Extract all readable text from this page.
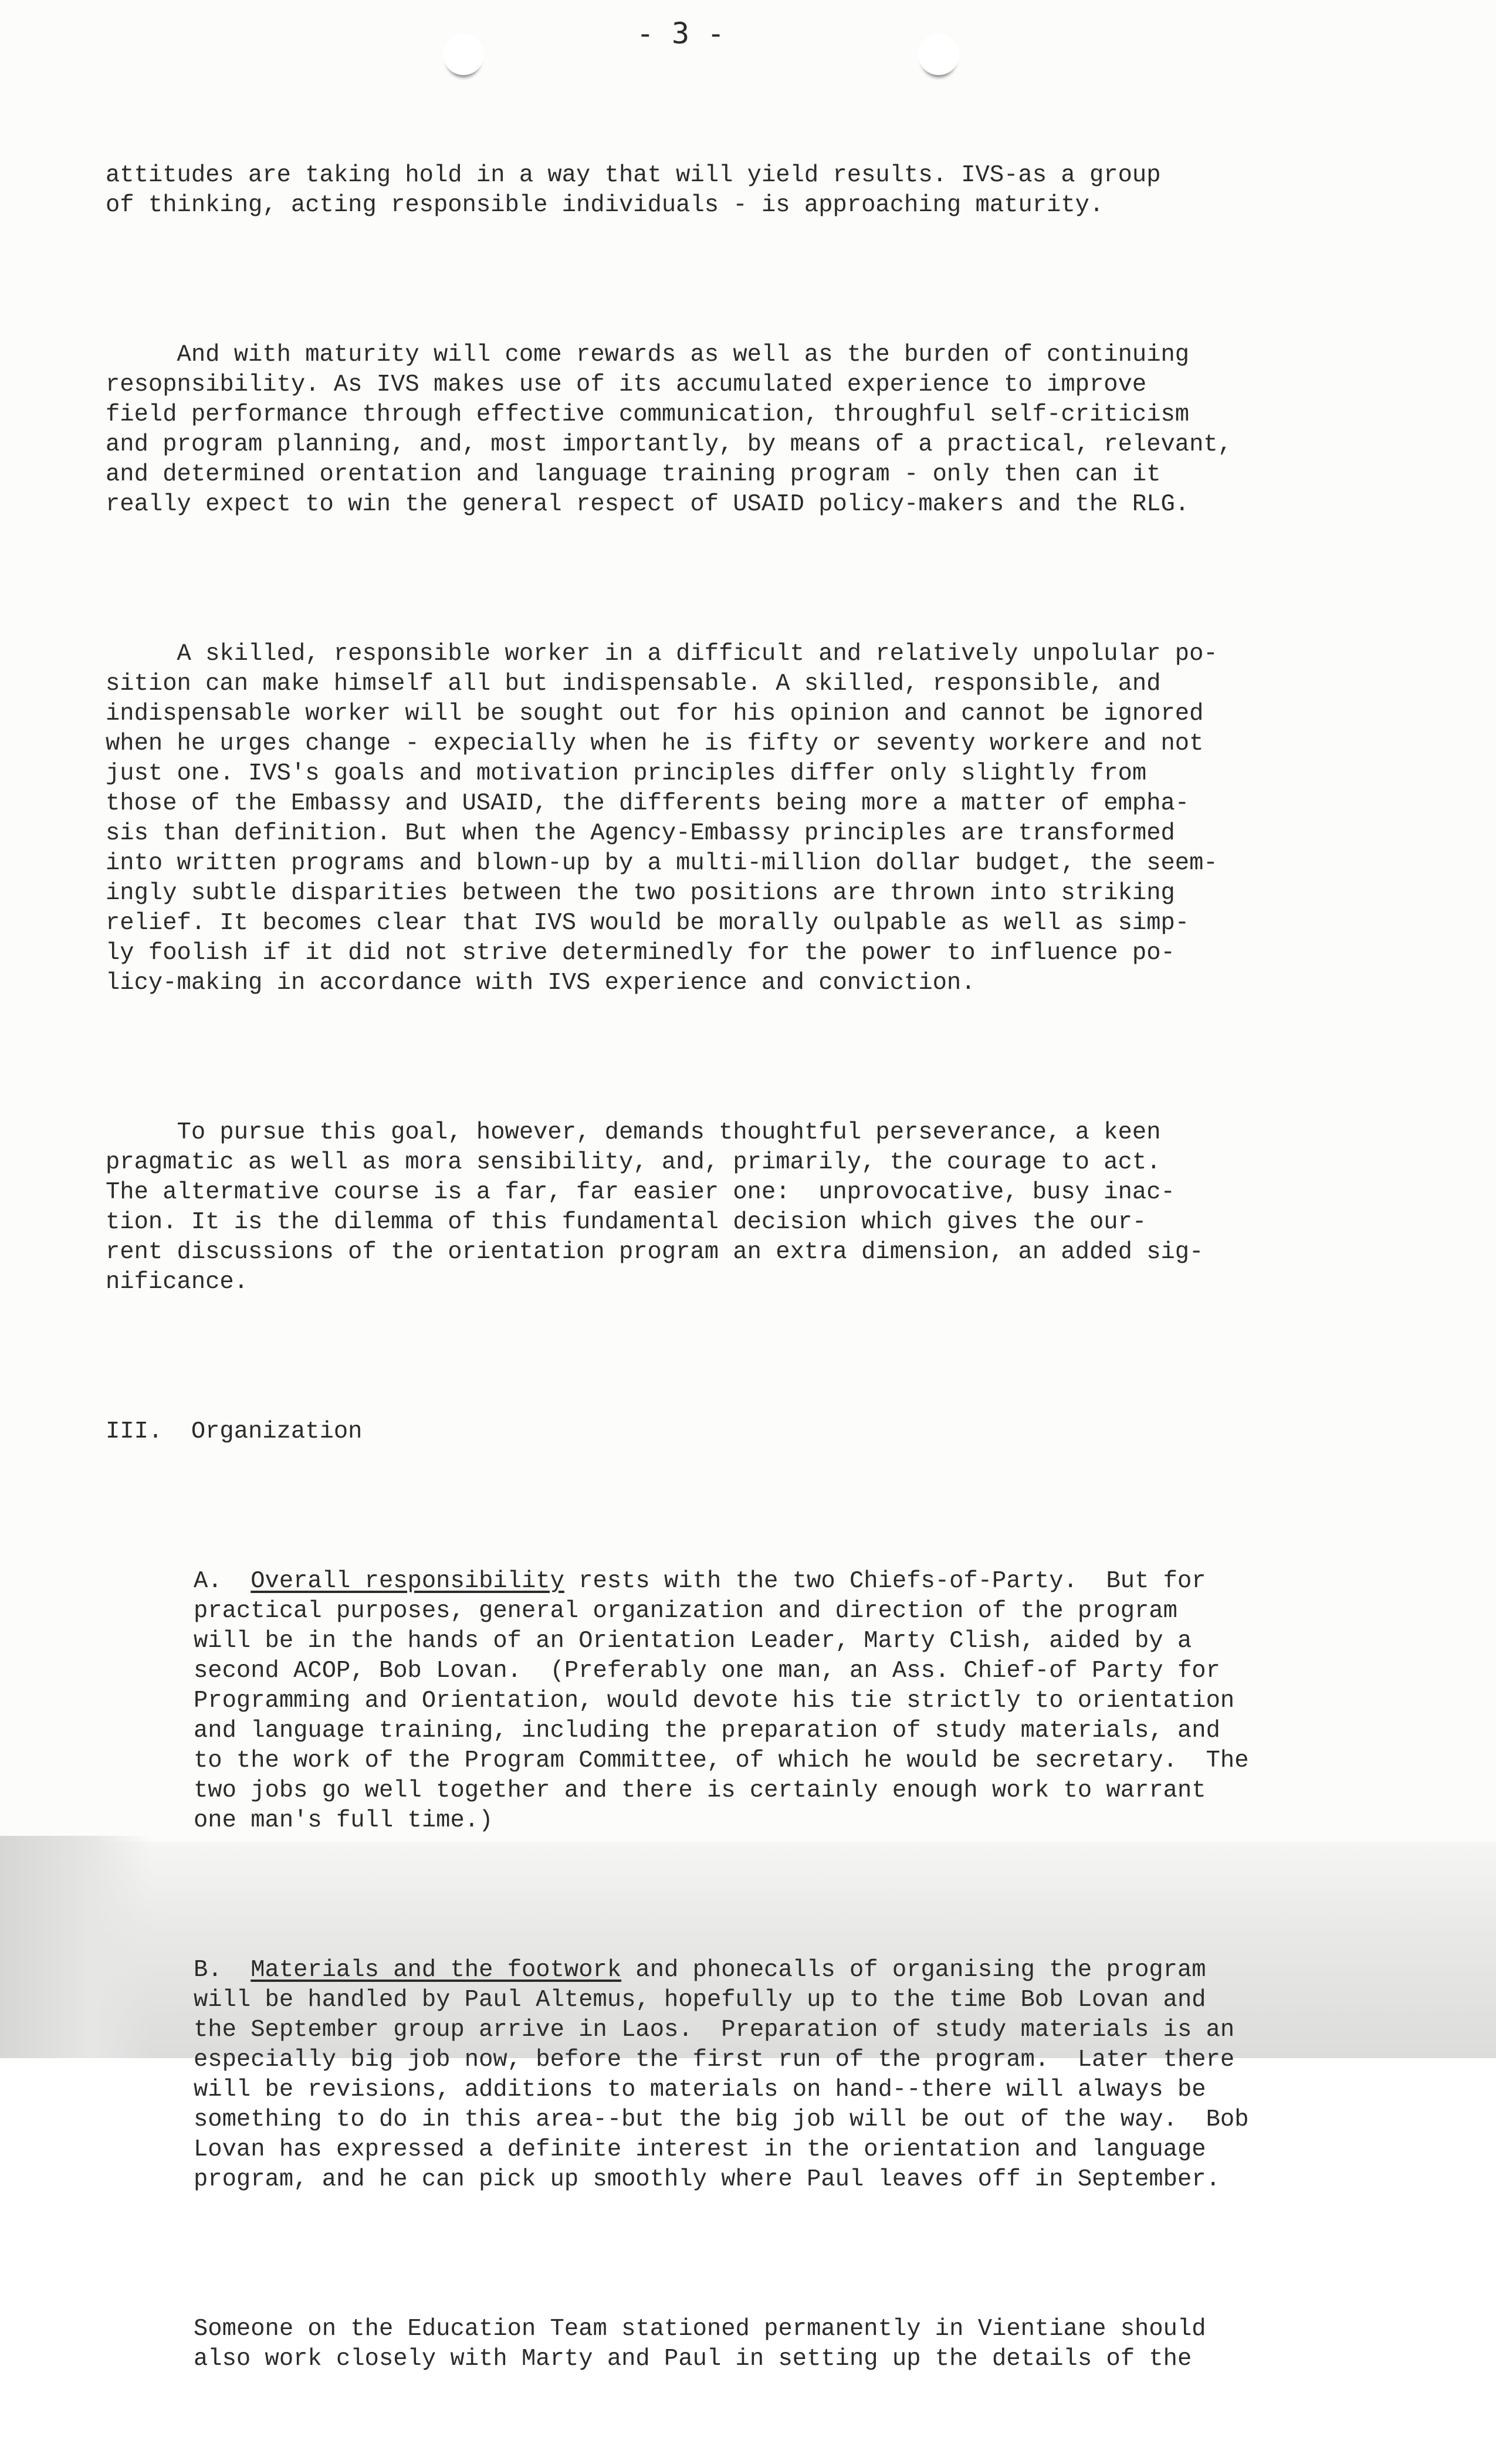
- 3 -

attitudes are taking hold in a way that will yield results. IVS-as a group
of thinking, acting responsible individuals - is approaching maturity.

And with maturity will come rewards as well as the burden of continuing
resopnsibility. As IVS makes use of its accumulated experience to improve
field performance through effective communication, throughful self-criticism
and program planning, and, most importantly, by means of a practical, relevant,
and determined orentation and language training program - only then can it
really expect to win the general respect of USAID policy-makers and the RLG.

A skilled, responsible worker in a difficult and relatively unpolular po-
sition can make himself all but indispensable. A skilled, responsible, and
indispensable worker will be sought out for his opinion and cannot be ignored
when he urges change - expecially when he is fifty or seventy workere and not
just one. IVS's goals and motivation principles differ only slightly from
those of the Embassy and USAID, the differents being more a matter of empha-
sis than definition. But when the Agency-Embassy principles are transformed
into written programs and blown-up by a multi-million dollar budget, the seem-
ingly subtle disparities between the two positions are thrown into striking
relief. It becomes clear that IVS would be morally oulpable as well as simp-
ly foolish if it did not strive determinedly for the power to influence po-
licy-making in accordance with IVS experience and conviction.

To pursue this goal, however, demands thoughtful perseverance, a keen
pragmatic as well as mora sensibility, and, primarily, the courage to act.
The altermative course is a far, far easier one:  unprovocative, busy inac-
tion. It is the dilemma of this fundamental decision which gives the our-
rent discussions of the orientation program an extra dimension, an added sig-
nificance.

III. Organization

A. Overall responsibility rests with the two Chiefs-of-Party.  But for
practical purposes, general organization and direction of the program
will be in the hands of an Orientation Leader, Marty Clish, aided by a
second ACOP, Bob Lovan.  (Preferably one man, an Ass. Chief-of Party for
Programming and Orientation, would devote his tie strictly to orientation
and language training, including the preparation of study materials, and
to the work of the Program Committee, of which he would be secretary.  The
two jobs go well together and there is certainly enough work to warrant
one man's full time.)

B. Materials and the footwork and phonecalls of organising the program
will be handled by Paul Altemus, hopefully up to the time Bob Lovan and
the September group arrive in Laos.  Preparation of study materials is an
especially big job now, before the first run of the program.  Later there
will be revisions, additions to materials on hand--there will always be
something to do in this area--but the big job will be out of the way.  Bob
Lovan has expressed a definite interest in the orientation and language
program, and he can pick up smoothly where Paul leaves off in September.

Someone on the Education Team stationed permanently in Vientiane should
also work closely with Marty and Paul in setting up the details of the
